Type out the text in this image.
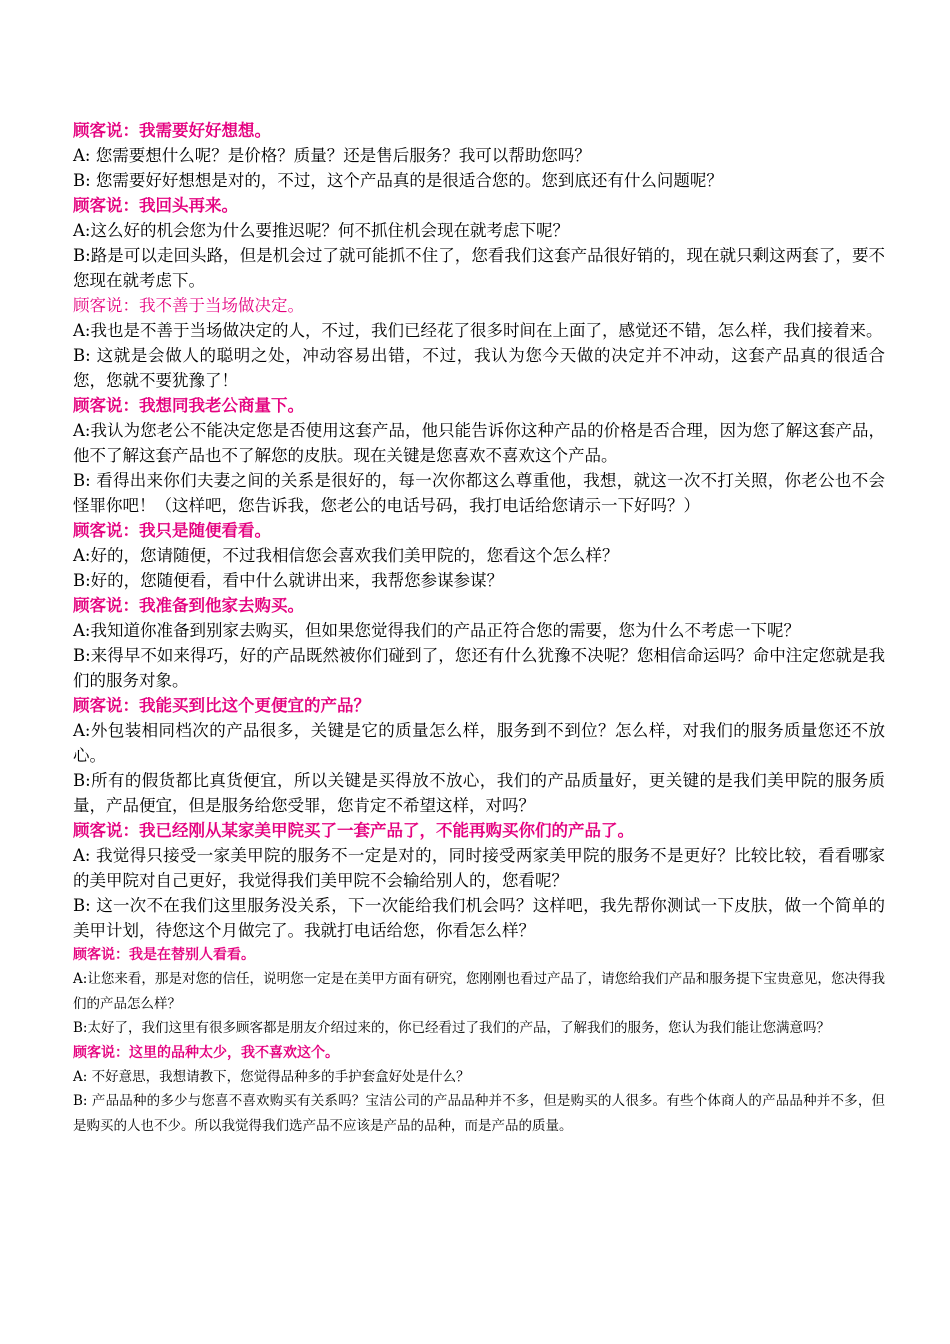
顾客说：我需要好好想想。

A: 您需要想什么呢？是价格？质量？还是售后服务？我可以帮助您吗？

B: 您需要好好想想是对的，不过，这个产品真的是很适合您的。您到底还有什么问题呢？

顾客说：我回头再来。

A:这么好的机会您为什么要推迟呢？何不抓住机会现在就考虑下呢？

B:路是可以走回头路，但是机会过了就可能抓不住了，您看我们这套产品很好销的，现在就只剩这两套了，要不您现在就考虑下。

顾客说：我不善于当场做决定。

A:我也是不善于当场做决定的人，不过，我们已经花了很多时间在上面了，感觉还不错，怎么样，我们接着来。

B: 这就是会做人的聪明之处，冲动容易出错，不过，我认为您今天做的决定并不冲动，这套产品真的很适合您，您就不要犹豫了！

顾客说：我想同我老公商量下。

A:我认为您老公不能决定您是否使用这套产品，他只能告诉你这种产品的价格是否合理，因为您了解这套产品，他不了解这套产品也不了解您的皮肤。现在关键是您喜欢不喜欢这个产品。

B: 看得出来你们夫妻之间的关系是很好的，每一次你都这么尊重他，我想，就这一次不打关照，你老公也不会怪罪你吧！（这样吧，您告诉我，您老公的电话号码，我打电话给您请示一下好吗？）

顾客说：我只是随便看看。

A:好的，您请随便，不过我相信您会喜欢我们美甲院的，您看这个怎么样？

B:好的，您随便看，看中什么就讲出来，我帮您参谋参谋？

顾客说：我准备到他家去购买。

A:我知道你准备到别家去购买，但如果您觉得我们的产品正符合您的需要，您为什么不考虑一下呢？

B:来得早不如来得巧，好的产品既然被你们碰到了，您还有什么犹豫不决呢？您相信命运吗？命中注定您就是我们的服务对象。

顾客说：我能买到比这个更便宜的产品？

A:外包装相同档次的产品很多，关键是它的质量怎么样，服务到不到位？怎么样，对我们的服务质量您还不放心。

B:所有的假货都比真货便宜，所以关键是买得放不放心，我们的产品质量好，更关键的是我们美甲院的服务质量，产品便宜，但是服务给您受罪，您肯定不希望这样，对吗？

顾客说：我已经刚从某家美甲院买了一套产品了，不能再购买你们的产品了。

A: 我觉得只接受一家美甲院的服务不一定是对的，同时接受两家美甲院的服务不是更好？比较比较，看看哪家的美甲院对自己更好，我觉得我们美甲院不会输给别人的，您看呢？

B: 这一次不在我们这里服务没关系，下一次能给我们机会吗？这样吧，我先帮你测试一下皮肤，做一个简单的美甲计划，待您这个月做完了。我就打电话给您，你看怎么样？

顾客说：我是在替别人看看。

A:让您来看，那是对您的信任，说明您一定是在美甲方面有研究，您刚刚也看过产品了，请您给我们产品和服务提下宝贵意见，您决得我们的产品怎么样？

B:太好了，我们这里有很多顾客都是朋友介绍过来的，你已经看过了我们的产品，了解我们的服务，您认为我们能让您满意吗？

顾客说：这里的品种太少，我不喜欢这个。

A: 不好意思，我想请教下，您觉得品种多的手护套盒好处是什么？

B: 产品品种的多少与您喜不喜欢购买有关系吗？宝洁公司的产品品种并不多，但是购买的人很多。有些个体商人的产品品种并不多，但是购买的人也不少。所以我觉得我们选产品不应该是产品的品种，而是产品的质量。
